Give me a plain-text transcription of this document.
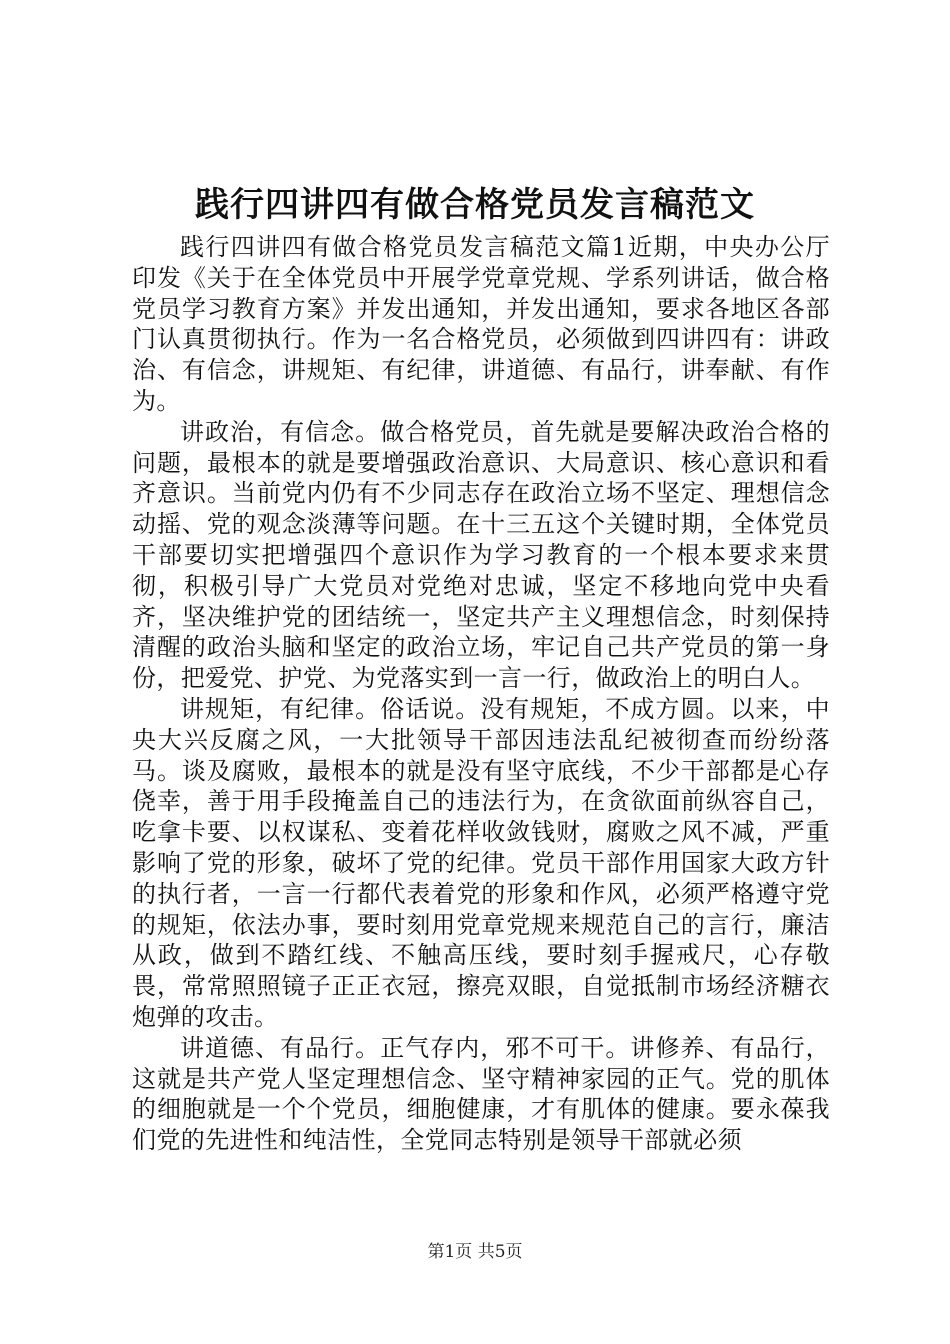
践行四讲四有做合格党员发言稿范文

践行四讲四有做合格党员发言稿范文篇1近期，中央办公厅印发《关于在全体党员中开展学党章党规、学系列讲话，做合格党员学习教育方案》并发出通知，并发出通知，要求各地区各部门认真贯彻执行。作为一名合格党员，必须做到四讲四有：讲政治、有信念，讲规矩、有纪律，讲道德、有品行，讲奉献、有作为。

讲政治，有信念。做合格党员，首先就是要解决政治合格的问题，最根本的就是要增强政治意识、大局意识、核心意识和看齐意识。当前党内仍有不少同志存在政治立场不坚定、理想信念动摇、党的观念淡薄等问题。在十三五这个关键时期，全体党员干部要切实把增强四个意识作为学习教育的一个根本要求来贯彻，积极引导广大党员对党绝对忠诚，坚定不移地向党中央看齐，坚决维护党的团结统一，坚定共产主义理想信念，时刻保持清醒的政治头脑和坚定的政治立场，牢记自己共产党员的第一身份，把爱党、护党、为党落实到一言一行，做政治上的明白人。

讲规矩，有纪律。俗话说。没有规矩，不成方圆。以来，中央大兴反腐之风，一大批领导干部因违法乱纪被彻查而纷纷落马。谈及腐败，最根本的就是没有坚守底线，不少干部都是心存侥幸，善于用手段掩盖自己的违法行为，在贪欲面前纵容自己，吃拿卡要、以权谋私、变着花样收敛钱财，腐败之风不减，严重影响了党的形象，破坏了党的纪律。党员干部作用国家大政方针的执行者，一言一行都代表着党的形象和作风，必须严格遵守党的规矩，依法办事，要时刻用党章党规来规范自己的言行，廉洁从政，做到不踏红线、不触高压线，要时刻手握戒尺，心存敬畏，常常照照镜子正正衣冠，擦亮双眼，自觉抵制市场经济糖衣炮弹的攻击。

讲道德、有品行。正气存内，邪不可干。讲修养、有品行，这就是共产党人坚定理想信念、坚守精神家园的正气。党的肌体的细胞就是一个个党员，细胞健康，才有肌体的健康。要永葆我们党的先进性和纯洁性，全党同志特别是领导干部就必须

第1页 共5页
